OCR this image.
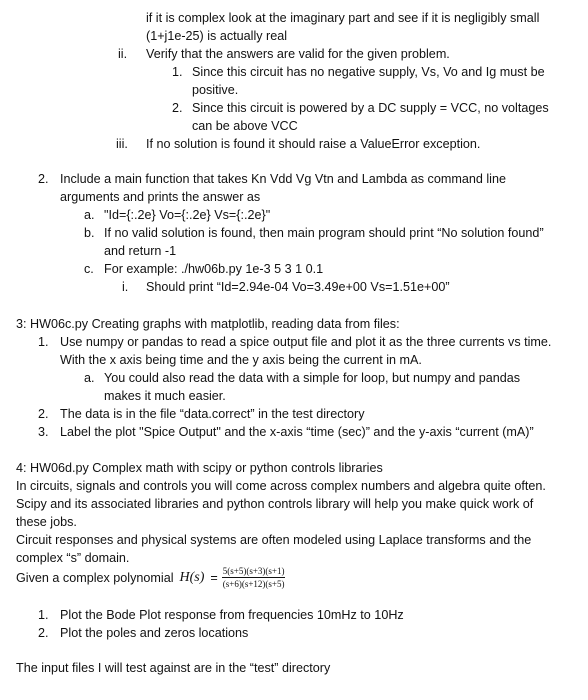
if it is complex look at the imaginary part and see if it is negligibly small
(1+j1e-25) is actually real
ii. Verify that the answers are valid for the given problem.
1. Since this circuit has no negative supply, Vs, Vo and Ig must be
positive.
2. Since this circuit is powered by a DC supply = VCC, no voltages
can be above VCC
iii. If no solution is found it should raise a ValueError exception.
2. Include a main function that takes Kn Vdd Vg Vtn and Lambda as command line
arguments and prints the answer as
a. "Id={:.2e} Vo={:.2e} Vs={:.2e}"
b. If no valid solution is found, then main program should print “No solution found”
and return -1
c. For example: ./hw06b.py 1e-3 5 3 1 0.1
i. Should print “Id=2.94e-04 Vo=3.49e+00 Vs=1.51e+00”
3: HW06c.py Creating graphs with matplotlib, reading data from files:
1. Use numpy or pandas to read a spice output file and plot it as the three currents vs time.
With the x axis being time and the y axis being the current in mA.
a. You could also read the data with a simple for loop, but numpy and pandas
makes it much easier.
2. The data is in the file “data.correct” in the test directory
3. Label the plot "Spice Output" and the x-axis “time (sec)” and the y-axis “current (mA)”
4: HW06d.py Complex math with scipy or python controls libraries
In circuits, signals and controls you will come across complex numbers and algebra quite often.
Scipy and its associated libraries and python controls library will help you make quick work of
these jobs.
Circuit responses and physical systems are often modeled using Laplace transforms and the
complex “s” domain.
Given a complex polynomial $H(s) = \frac{5(s+5)(s+3)(s+1)}{(s+6)(s+12)(s+5)}$
1. Plot the Bode Plot response from frequencies 10mHz to 10Hz
2. Plot the poles and zeros locations
The input files I will test against are in the “test” directory
